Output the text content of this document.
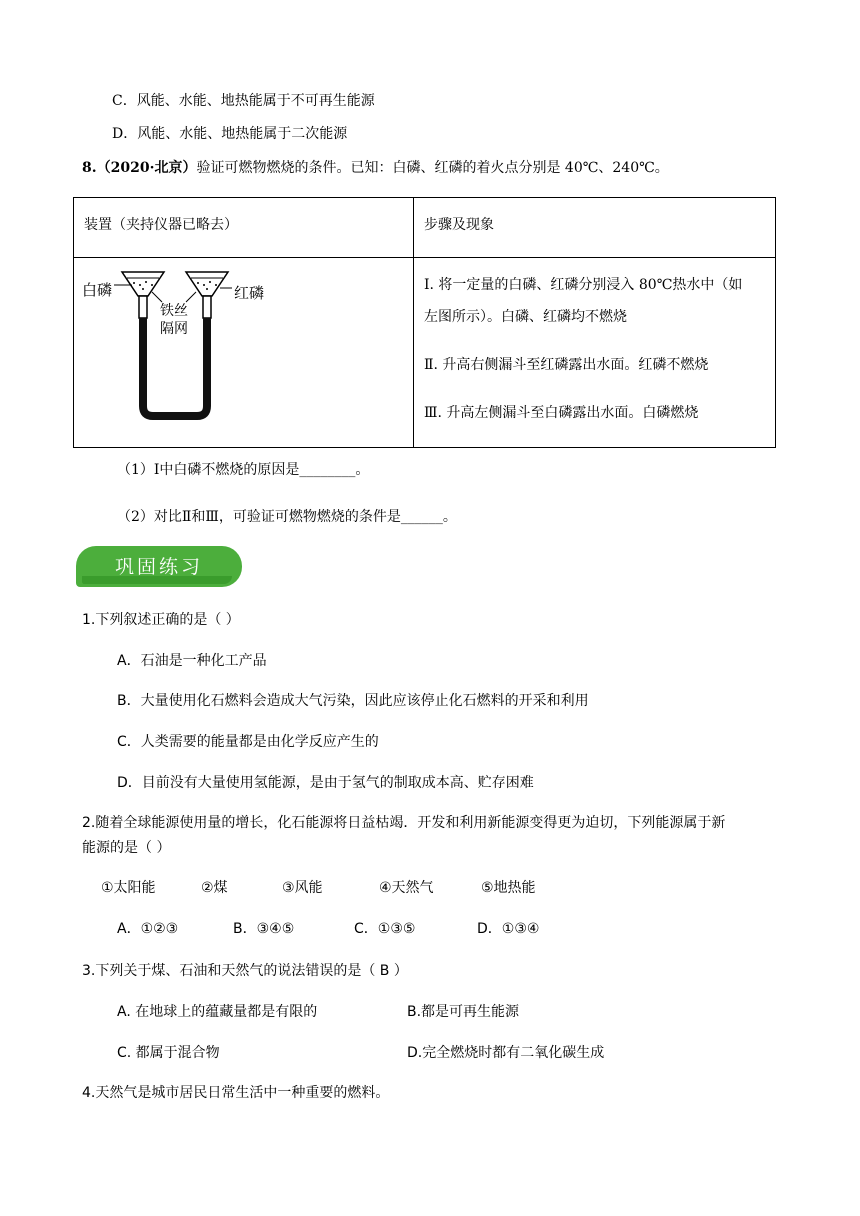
C．风能、水能、地热能属于不可再生能源
D．风能、水能、地热能属于二次能源
8.（2020·北京）验证可燃物燃烧的条件。已知：白磷、红磷的着火点分别是 40℃、240℃。
装置（夹持仪器已略去）	步骤及现象
白磷	红磷
铁丝
隔网
Ⅰ. 将一定量的白磷、红磷分别浸入 80℃热水中（如
左图所示）。白磷、红磷均不燃烧
Ⅱ. 升高右侧漏斗至红磷露出水面。红磷不燃烧
Ⅲ. 升高左侧漏斗至白磷露出水面。白磷燃烧
（1）Ⅰ中白磷不燃烧的原因是________。
（2）对比Ⅱ和Ⅲ，可验证可燃物燃烧的条件是______。
巩固练习
1.下列叙述正确的是（ ）
A．石油是一种化工产品
B．大量使用化石燃料会造成大气污染，因此应该停止化石燃料的开采和利用
C．人类需要的能量都是由化学反应产生的
D．目前没有大量使用氢能源，是由于氢气的制取成本高、贮存困难
2.随着全球能源使用量的增长，化石能源将日益枯竭．开发和利用新能源变得更为迫切，下列能源属于新
能源的是（ ）
①太阳能	②煤	③风能	④天然气	⑤地热能
A．①②③	B．③④⑤	C．①③⑤	D．①③④
3.下列关于煤、石油和天然气的说法错误的是（ B ）
A. 在地球上的蕴藏量都是有限的	B.都是可再生能源
C. 都属于混合物	D.完全燃烧时都有二氧化碳生成
4.天然气是城市居民日常生活中一种重要的燃料。
